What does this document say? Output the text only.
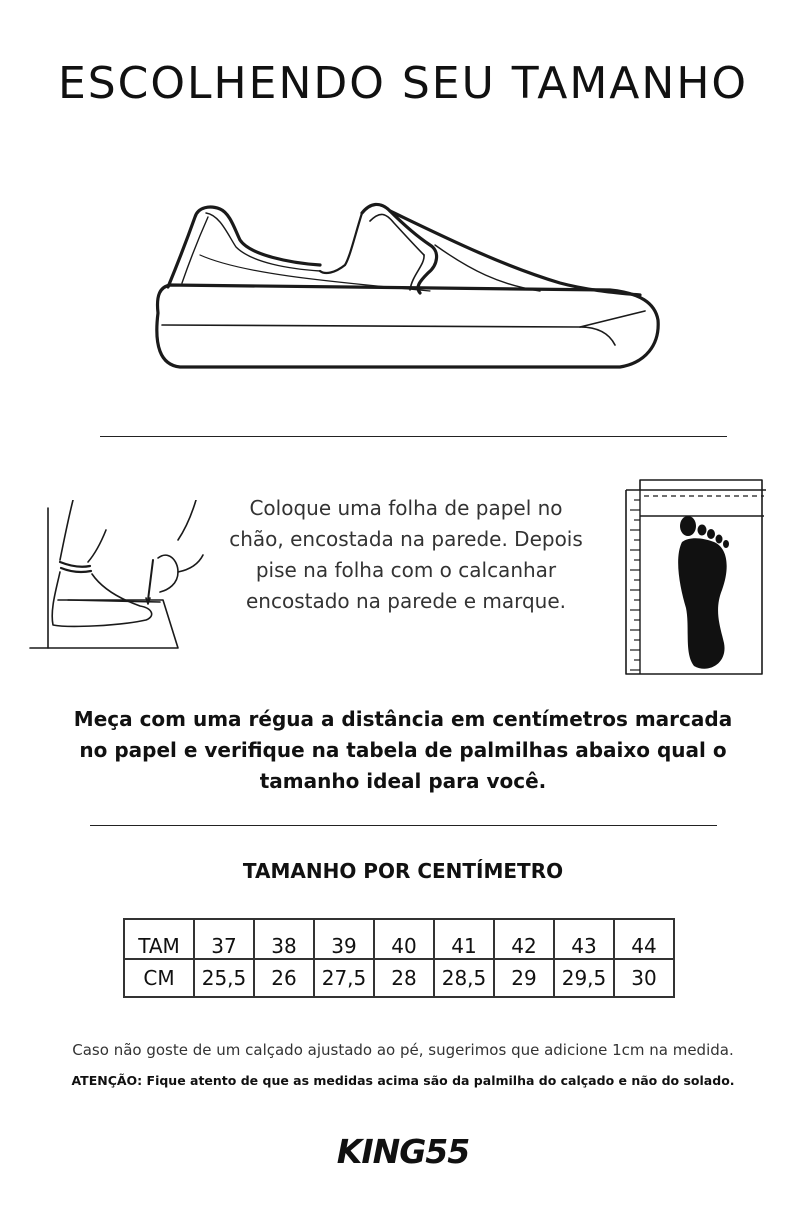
ESCOLHENDO SEU TAMANHO
Coloque uma folha de papel no chão, encostada na parede. Depois pise na folha com o calcanhar encostado na parede e marque.
Meça com uma régua a distância em centímetros marcada no papel e verifique na tabela de palmilhas abaixo qual o tamanho ideal para você.
TAMANHO POR CENTÍMETRO
TAM	37	38	39	40	41	42	43	44
CM	25,5	26	27,5	28	28,5	29	29,5	30
Caso não goste de um calçado ajustado ao pé, sugerimos que adicione 1cm na medida.
ATENÇÃO: Fique atento de que as medidas acima são da palmilha do calçado e não do solado.
KING55
